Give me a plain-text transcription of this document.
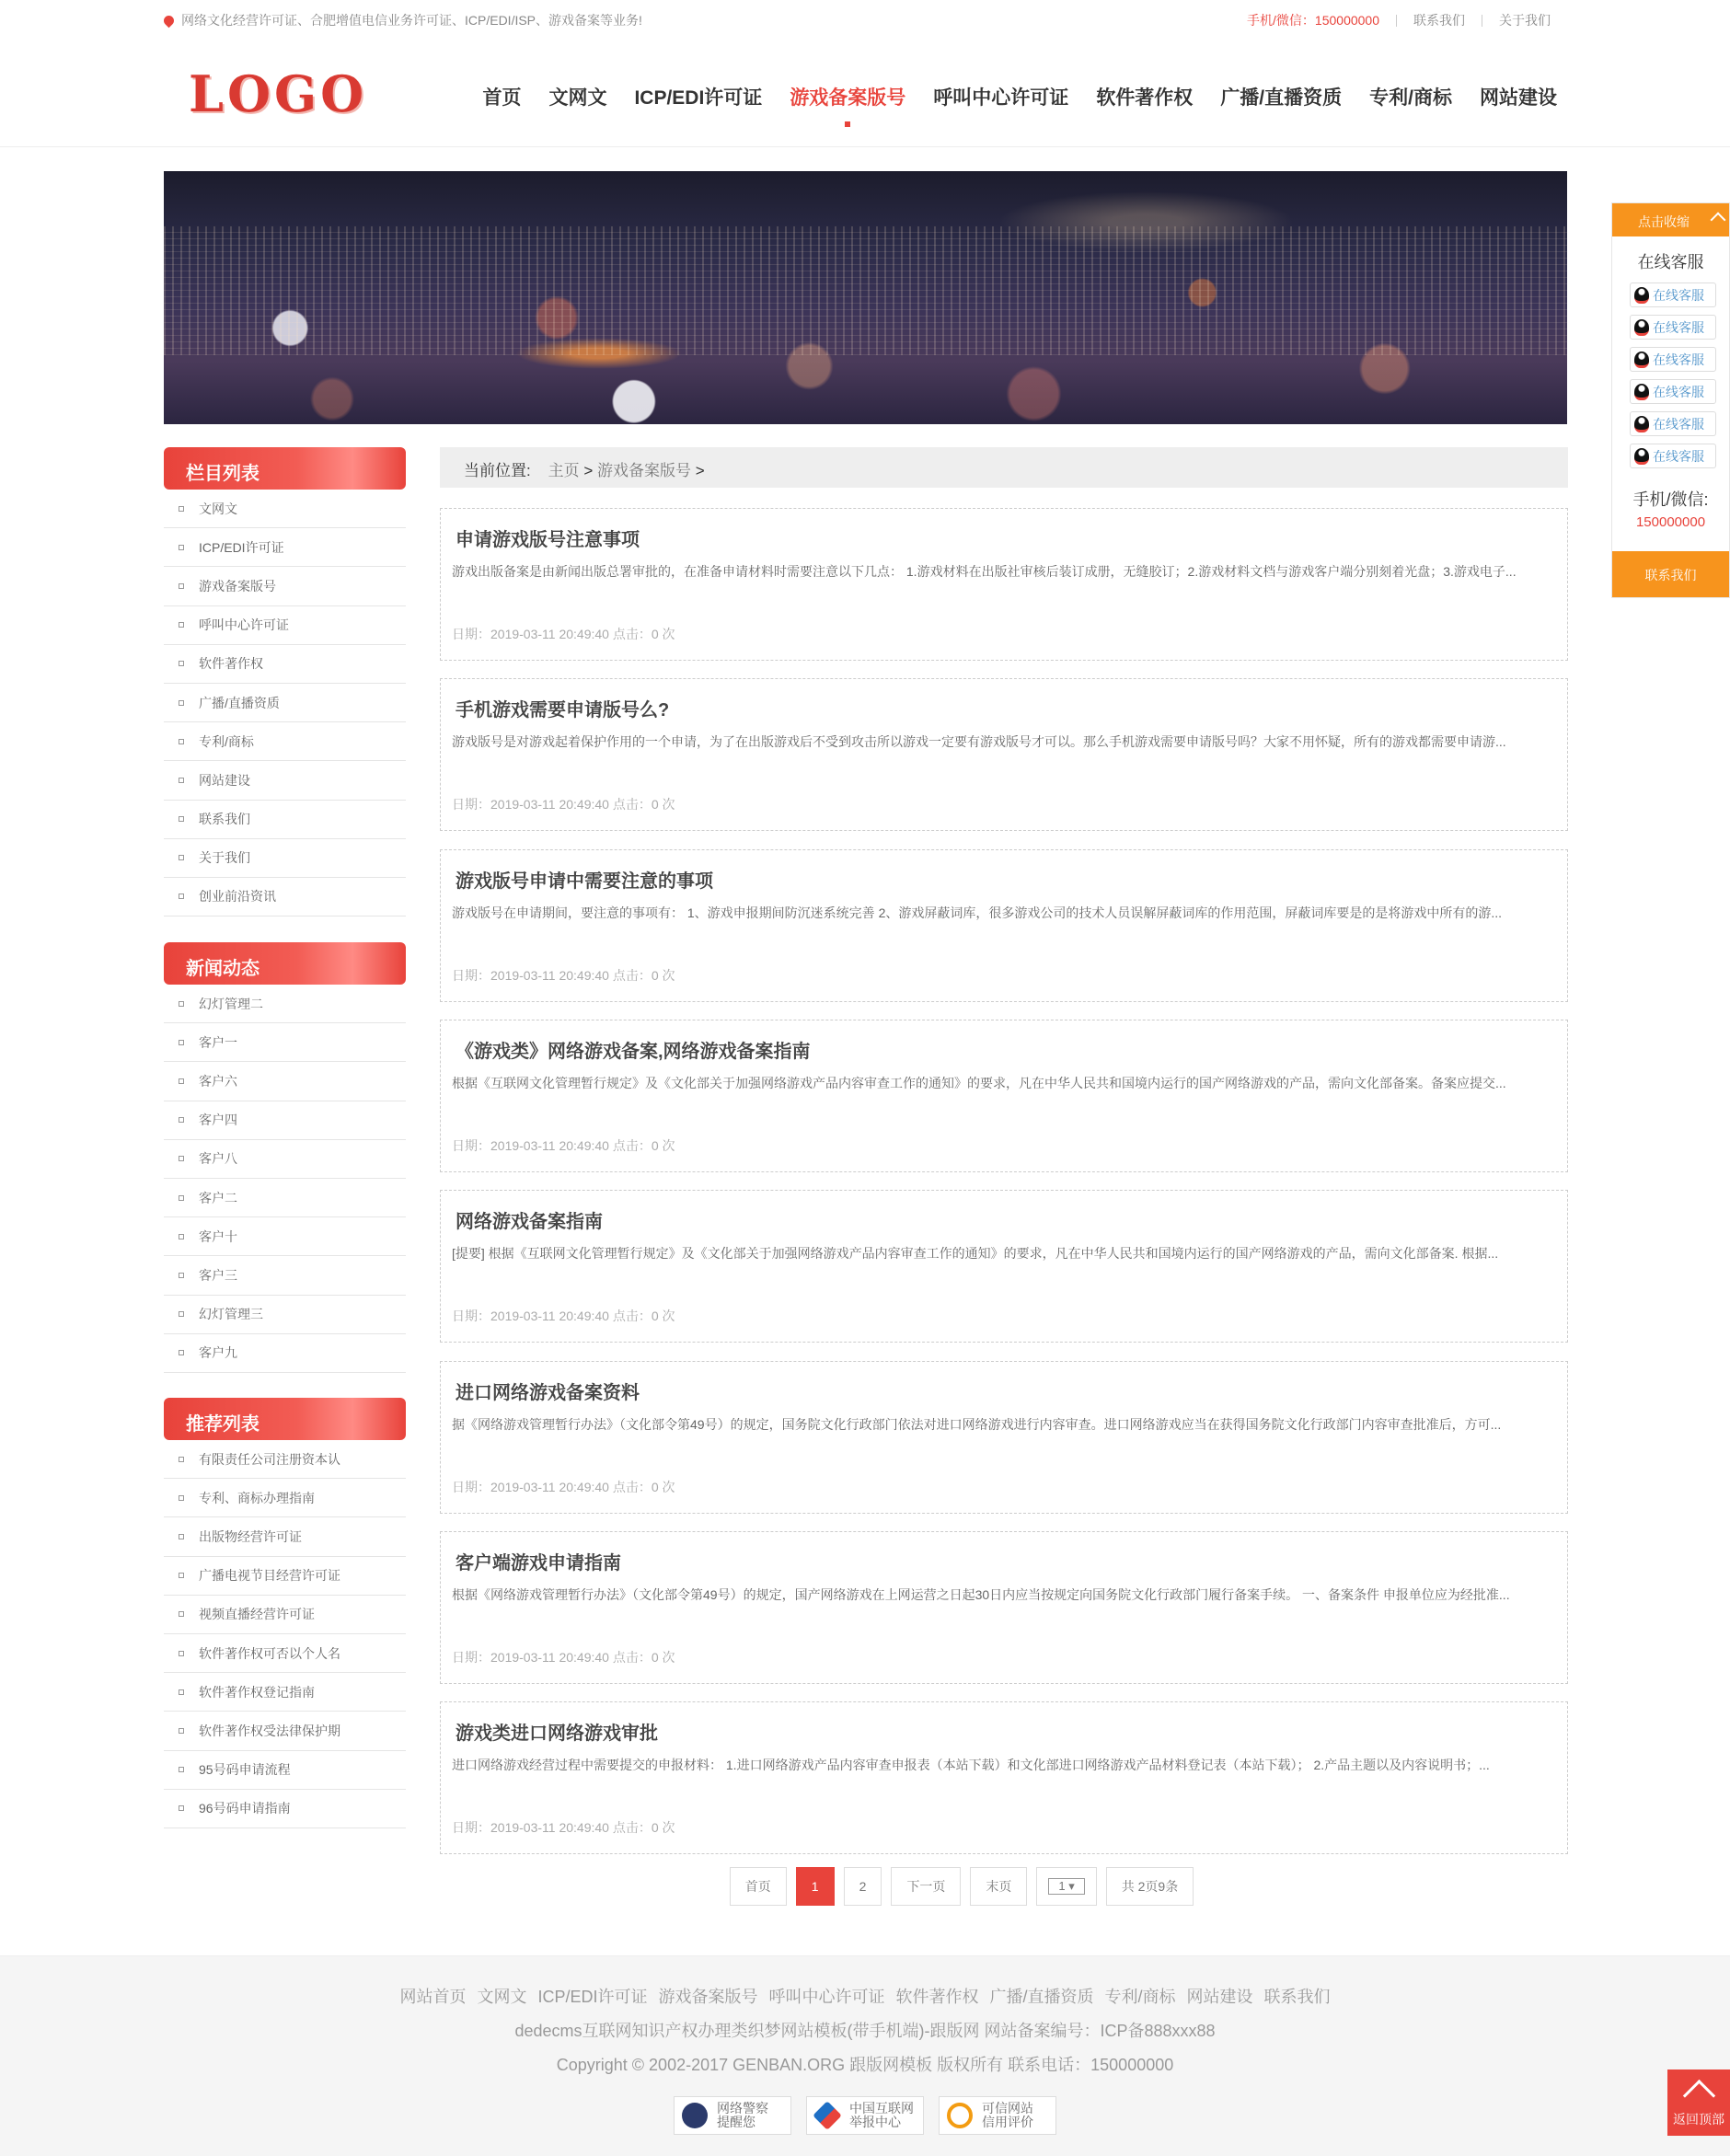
网络文化经营许可证、合肥增值电信业务许可证、ICP/EDI/ISP、游戏备案等业务!	手机/微信：150000000	联系我们	关于我们
LOGO	首页 文网文 ICP/EDI许可证 游戏备案版号 呼叫中心许可证 软件著作权 广播/直播资质 专利/商标 网站建设
栏目列表
文网文
ICP/EDI许可证
游戏备案版号
呼叫中心许可证
软件著作权
广播/直播资质
专利/商标
网站建设
联系我们
关于我们
创业前沿资讯
新闻动态
幻灯管理二
客户一
客户六
客户四
客户八
客户二
客户十
客户三
幻灯管理三
客户九
推荐列表
有限责任公司注册资本认
专利、商标办理指南
出版物经营许可证
广播电视节目经营许可证
视频直播经营许可证
软件著作权可否以个人名
软件著作权登记指南
软件著作权受法律保护期
95号码申请流程
96号码申请指南
当前位置: 主页 > 游戏备案版号 >
申请游戏版号注意事项

游戏出版备案是由新闻出版总署审批的，在准备申请材料时需要注意以下几点： 1.游戏材料在出版社审核后装订成册，无缝胶订；2.游戏材料文档与游戏客户端分别刻着光盘；3.游戏电子...

日期：2019-03-11 20:49:40 点击：0 次
手机游戏需要申请版号么?

游戏版号是对游戏起着保护作用的一个申请，为了在出版游戏后不受到攻击所以游戏一定要有游戏版号才可以。那么手机游戏需要申请版号吗？大家不用怀疑，所有的游戏都需要申请游...

日期：2019-03-11 20:49:40 点击：0 次
游戏版号申请中需要注意的事项

游戏版号在申请期间，要注意的事项有： 1、游戏申报期间防沉迷系统完善 2、游戏屏蔽词库，很多游戏公司的技术人员误解屏蔽词库的作用范围，屏蔽词库要是的是将游戏中所有的游...

日期：2019-03-11 20:49:40 点击：0 次
《游戏类》网络游戏备案,网络游戏备案指南

根据《互联网文化管理暂行规定》及《文化部关于加强网络游戏产品内容审查工作的通知》的要求，凡在中华人民共和国境内运行的国产网络游戏的产品，需向文化部备案。备案应提交...

日期：2019-03-11 20:49:40 点击：0 次
网络游戏备案指南

[提要] 根据《互联网文化管理暂行规定》及《文化部关于加强网络游戏产品内容审查工作的通知》的要求，凡在中华人民共和国境内运行的国产网络游戏的产品，需向文化部备案. 根据...

日期：2019-03-11 20:49:40 点击：0 次
进口网络游戏备案资料

据《网络游戏管理暂行办法》（文化部令第49号）的规定，国务院文化行政部门依法对进口网络游戏进行内容审查。进口网络游戏应当在获得国务院文化行政部门内容审查批准后，方可...

日期：2019-03-11 20:49:40 点击：0 次
客户端游戏申请指南

根据《网络游戏管理暂行办法》（文化部令第49号）的规定，国产网络游戏在上网运营之日起30日内应当按规定向国务院文化行政部门履行备案手续。 一、备案条件 申报单位应为经批准...

日期：2019-03-11 20:49:40 点击：0 次
游戏类进口网络游戏审批

进口网络游戏经营过程中需要提交的申报材料： 1.进口网络游戏产品内容审查申报表（本站下载）和文化部进口网络游戏产品材料登记表（本站下载）； 2.产品主题以及内容说明书；...

日期：2019-03-11 20:49:40 点击：0 次
首页	1	2	下一页	末页	1 ▾	共 2页9条
网站首页 文网文 ICP/EDI许可证 游戏备案版号 呼叫中心许可证 软件著作权 广播/直播资质 专利/商标 网站建设 联系我们
dedecms互联网知识产权办理类织梦网站模板(带手机端)-跟版网 网站备案编号：ICP备888xxx88
Copyright © 2002-2017 GENBAN.ORG 跟版网模板 版权所有 联系电话：150000000
网络警察
提醒您
中国互联网
举报中心
可信网站
信用评价
点击收缩
在线客服
在线客服
在线客服
在线客服
在线客服
在线客服
在线客服
手机/微信:
150000000
联系我们
返回顶部
